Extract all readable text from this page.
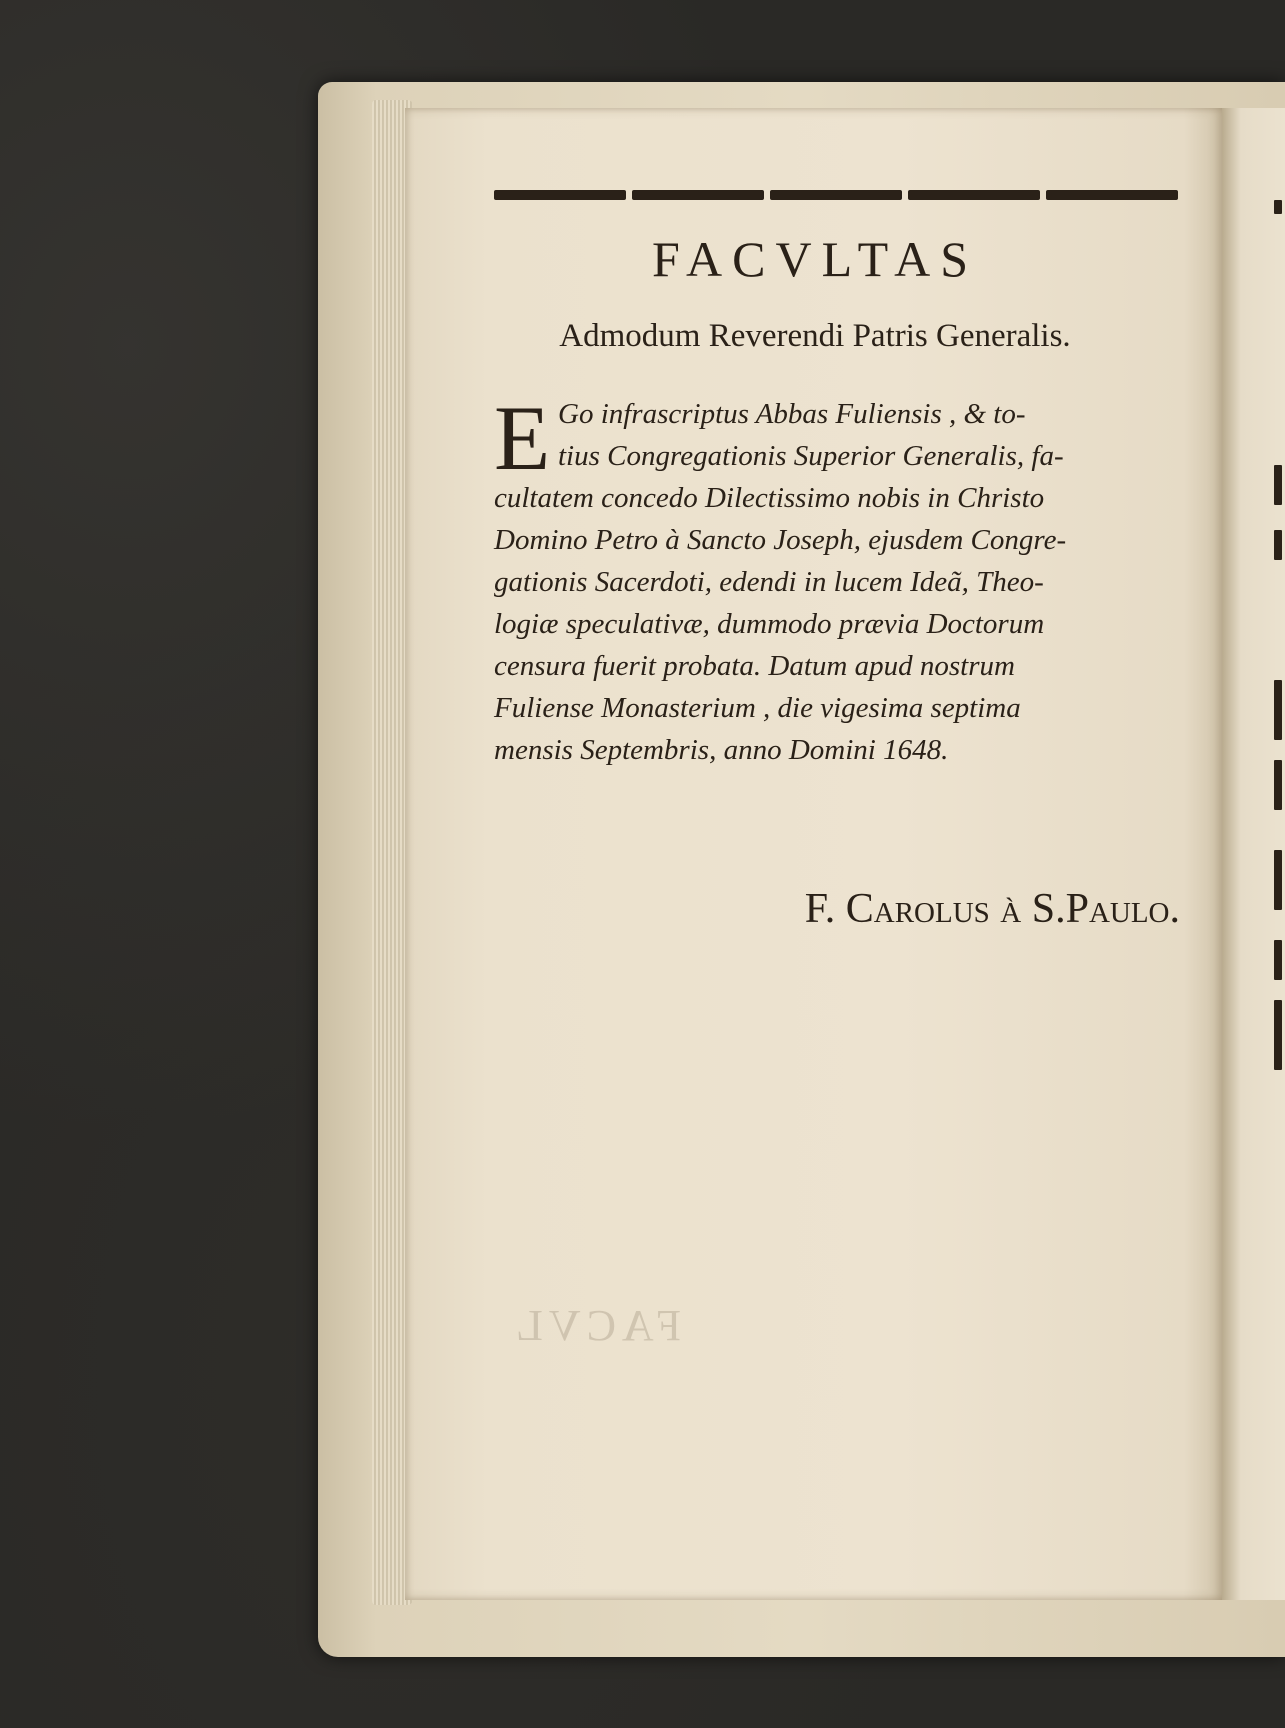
FACVLTAS
Admodum Reverendi Patris Generalis.
E Go infrascriptus Abbas Fuliensis , & to-
tius Congregationis Superior Generalis, fa-
cultatem concedo Dilectissimo nobis in Christo
Domino Petro à Sancto Joseph, ejusdem Congre-
gationis Sacerdoti, edendi in lucem Ideã, Theo-
logiæ speculativæ, dummodo prævia Doctorum
censura fuerit probata. Datum apud nostrum
Fuliense Monasterium , die vigesima septima
mensis Septembris, anno Domini 1648.
F. Carolus à S.Paulo.
FACVL
